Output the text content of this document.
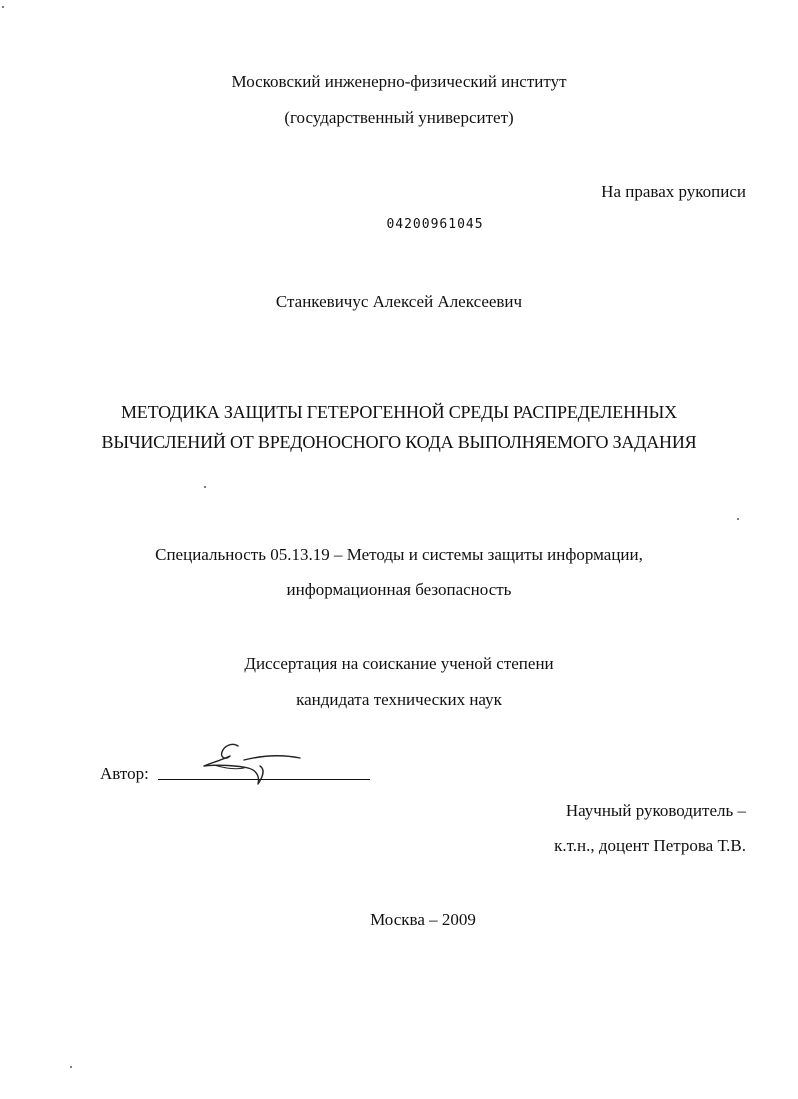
Московский инженерно-физический институт
(государственный университет)
На правах рукописи
04200961045
Станкевичус Алексей Алексеевич
МЕТОДИКА ЗАЩИТЫ ГЕТЕРОГЕННОЙ СРЕДЫ РАСПРЕДЕЛЕННЫХ
ВЫЧИСЛЕНИЙ ОТ ВРЕДОНОСНОГО КОДА ВЫПОЛНЯЕМОГО ЗАДАНИЯ
Специальность 05.13.19 – Методы и системы защиты информации,
информационная безопасность
Диссертация на соискание ученой степени
кандидата технических наук
Автор:
Научный руководитель –
к.т.н., доцент Петрова Т.В.
Москва – 2009
